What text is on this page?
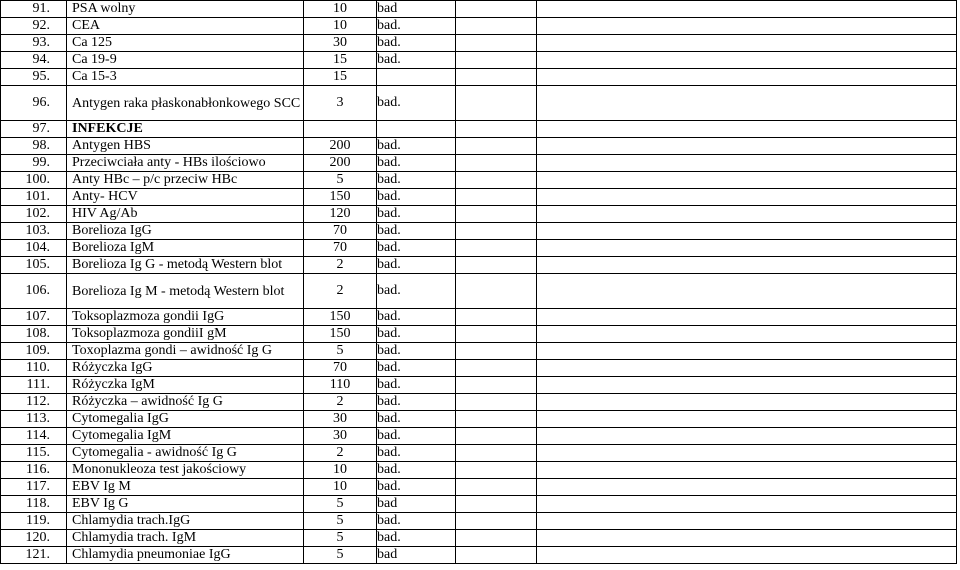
91.	PSA wolny	10	bad		
92.	CEA	10	bad.		
93.	Ca 125	30	bad.		
94.	Ca 19-9	15	bad.		
95.	Ca 15-3	15			
96.	Antygen raka płaskonabłonkowego SCC	3	bad.		
97.	INFEKCJE				
98.	Antygen HBS	200	bad.		
99.	Przeciwciała anty - HBs ilościowo	200	bad.		
100.	Anty HBc – p/c przeciw HBc	5	bad.		
101.	Anty- HCV	150	bad.		
102.	HIV Ag/Ab	120	bad.		
103.	Borelioza IgG	70	bad.		
104.	Borelioza IgM	70	bad.		
105.	Borelioza Ig G - metodą Western blot	2	bad.		
106.	Borelioza Ig M - metodą Western blot	2	bad.		
107.	Toksoplazmoza gondii IgG	150	bad.		
108.	Toksoplazmoza gondiiI gM	150	bad.		
109.	Toxoplazma gondi – awidność Ig G	5	bad.		
110.	Różyczka IgG	70	bad.		
111.	Różyczka IgM	110	bad.		
112.	Różyczka – awidność Ig G	2	bad.		
113.	Cytomegalia IgG	30	bad.		
114.	Cytomegalia IgM	30	bad.		
115.	Cytomegalia - awidność Ig G	2	bad.		
116.	Mononukleoza test jakościowy	10	bad.		
117.	EBV Ig M	10	bad.		
118.	EBV Ig G	5	bad		
119.	Chlamydia trach.IgG	5	bad.		
120.	Chlamydia trach. IgM	5	bad.		
121.	Chlamydia pneumoniae IgG	5	bad		
